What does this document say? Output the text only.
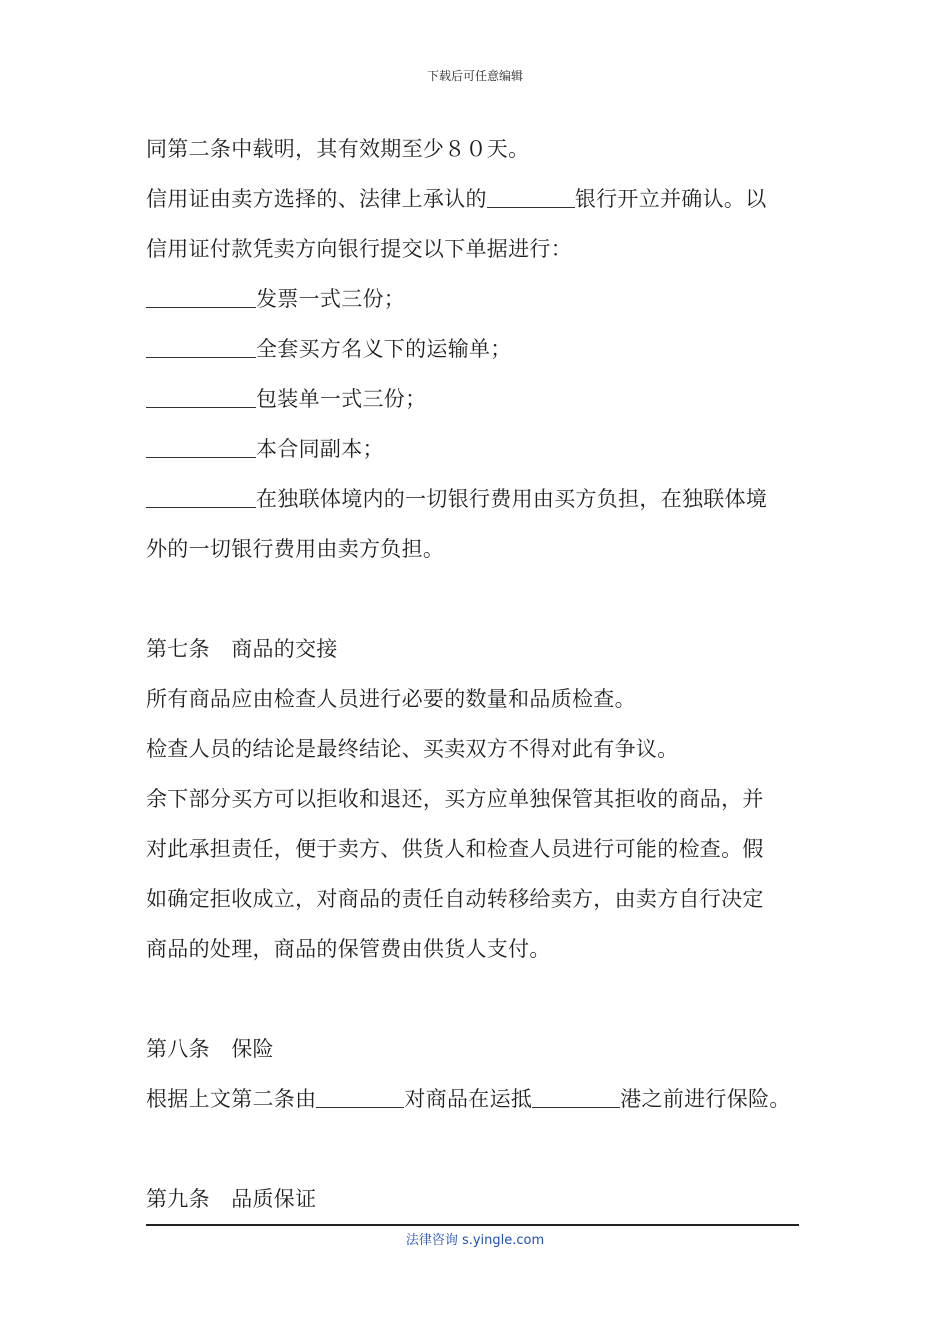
下载后可任意编辑
同第二条中载明，其有效期至少８０天。
信用证由卖方选择的、法律上承认的	银行开立并确认。以
信用证付款凭卖方向银行提交以下单据进行：
发票一式三份；
全套买方名义下的运输单；
包装单一式三份；
本合同副本；
在独联体境内的一切银行费用由买方负担，在独联体境
外的一切银行费用由卖方负担。
第七条　商品的交接
所有商品应由检查人员进行必要的数量和品质检查。
检查人员的结论是最终结论、买卖双方不得对此有争议。
余下部分买方可以拒收和退还，买方应单独保管其拒收的商品，并
对此承担责任，便于卖方、供货人和检查人员进行可能的检查。假
如确定拒收成立，对商品的责任自动转移给卖方，由卖方自行决定
商品的处理，商品的保管费由供货人支付。
第八条　保险
根据上文第二条由	对商品在运抵	港之前进行保险。
第九条　品质保证
法律咨询 s.yingle.com
